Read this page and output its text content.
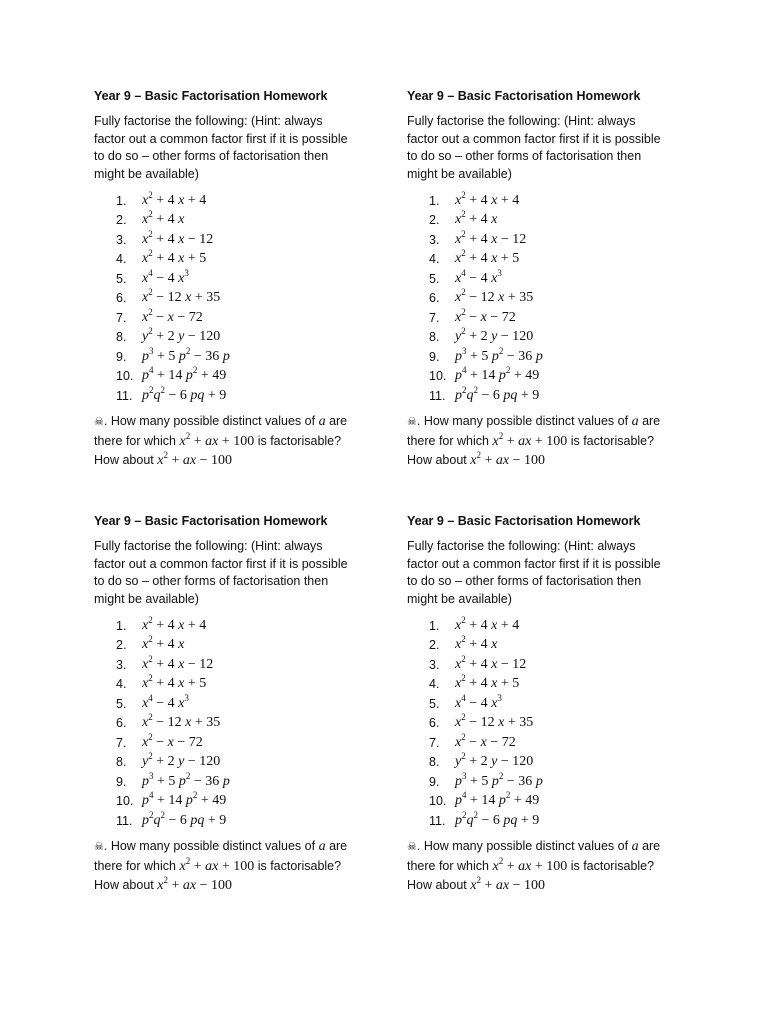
Year 9 – Basic Factorisation Homework
Fully factorise the following: (Hint: always factor out a common factor first if it is possible to do so – other forms of factorisation then might be available)
1.	$x^2 + 4$ x + 4
2.	$x^2 + 4$ x
3.	$x^2 + 4$ x − 12
4.	$x^2 + 4$ x + 5
5.	$x^4 - 4$ $x^3$
6.	$x^2 - 12$ x + 35
7.	$x^2 - x - 72$
8.	$y^2 + 2$ y − 120
9.	$p^3 + 5$ $p^2 - 36$ p
10. $p^4 + 14$ $p^2 + 49$
11. $p^2q^2 - 6$ pq + 9
☠. How many possible distinct values of a are there for which $x^2$ + ax + 100 is factorisable?
How about $x^2$ + ax − 100
Year 9 – Basic Factorisation Homework
Fully factorise the following: (Hint: always factor out a common factor first if it is possible to do so – other forms of factorisation then might be available)
1.	$x^2 + 4$ x + 4
2.	$x^2 + 4$ x
3.	$x^2 + 4$ x − 12
4.	$x^2 + 4$ x + 5
5.	$x^4 - 4$ $x^3$
6.	$x^2 - 12$ x + 35
7.	$x^2 - x - 72$
8.	$y^2 + 2$ y − 120
9.	$p^3 + 5$ $p^2 - 36$ p
10. $p^4 + 14$ $p^2 + 49$
11. $p^2q^2 - 6$ pq + 9
☠. How many possible distinct values of a are there for which $x^2$ + ax + 100 is factorisable?
How about $x^2$ + ax − 100
Year 9 – Basic Factorisation Homework
Fully factorise the following: (Hint: always factor out a common factor first if it is possible to do so – other forms of factorisation then might be available)
1.	$x^2 + 4$ x + 4
2.	$x^2 + 4$ x
3.	$x^2 + 4$ x − 12
4.	$x^2 + 4$ x + 5
5.	$x^4 - 4$ $x^3$
6.	$x^2 - 12$ x + 35
7.	$x^2 - x - 72$
8.	$y^2 + 2$ y − 120
9.	$p^3 + 5$ $p^2 - 36$ p
10. $p^4 + 14$ $p^2 + 49$
11. $p^2q^2 - 6$ pq + 9
☠. How many possible distinct values of a are there for which $x^2$ + ax + 100 is factorisable?
How about $x^2$ + ax − 100
Year 9 – Basic Factorisation Homework
Fully factorise the following: (Hint: always factor out a common factor first if it is possible to do so – other forms of factorisation then might be available)
1.	$x^2 + 4$ x + 4
2.	$x^2 + 4$ x
3.	$x^2 + 4$ x − 12
4.	$x^2 + 4$ x + 5
5.	$x^4 - 4$ $x^3$
6.	$x^2 - 12$ x + 35
7.	$x^2 - x - 72$
8.	$y^2 + 2$ y − 120
9.	$p^3 + 5$ $p^2 - 36$ p
10. $p^4 + 14$ $p^2 + 49$
11. $p^2q^2 - 6$ pq + 9
☠. How many possible distinct values of a are there for which $x^2$ + ax + 100 is factorisable?
How about $x^2$ + ax − 100
